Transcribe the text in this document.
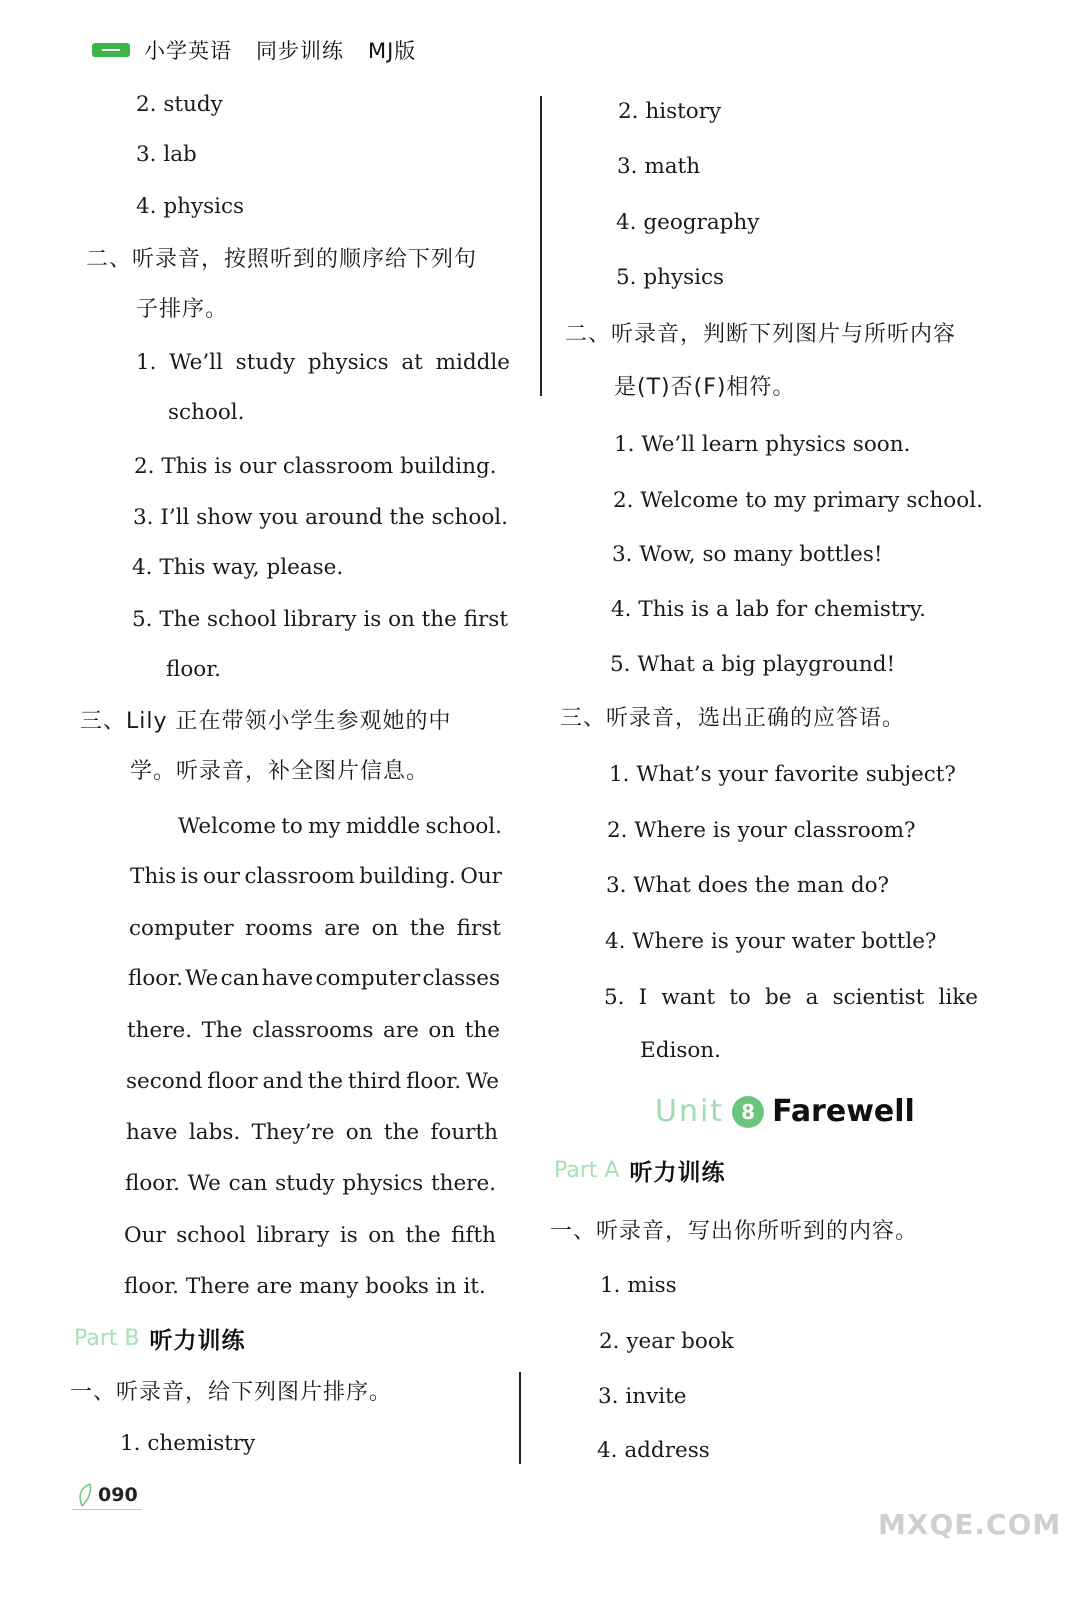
小学英语 同步训练 MJ版
2. study
3. lab
4. physics
二、听录音，按照听到的顺序给下列句
子排序。
1. We’ll study physics at middle
school.
2. This is our classroom building.
3. I’ll show you around the school.
4. This way, please.
5. The school library is on the first
floor.
三、Lily 正在带领小学生参观她的中
学。听录音，补全图片信息。
Welcome to my middle school.
This is our classroom building. Our
computer rooms are on the first
floor. We can have computer classes
there. The classrooms are on the
second floor and the third floor. We
have labs. They’re on the fourth
floor. We can study physics there.
Our school library is on the fifth
floor. There are many books in it.
Part B 听力训练
一、听录音，给下列图片排序。
1. chemistry
2. history
3. math
4. geography
5. physics
二、听录音，判断下列图片与所听内容
是(T)否(F)相符。
1. We’ll learn physics soon.
2. Welcome to my primary school.
3. Wow, so many bottles!
4. This is a lab for chemistry.
5. What a big playground!
三、听录音，选出正确的应答语。
1. What’s your favorite subject?
2. Where is your classroom?
3. What does the man do?
4. Where is your water bottle?
5. I want to be a scientist like
Edison.
Unit 8 Farewell
Part A 听力训练
一、听录音，写出你所听到的内容。
1. miss
2. year book
3. invite
4. address
090
MXQE.COM
